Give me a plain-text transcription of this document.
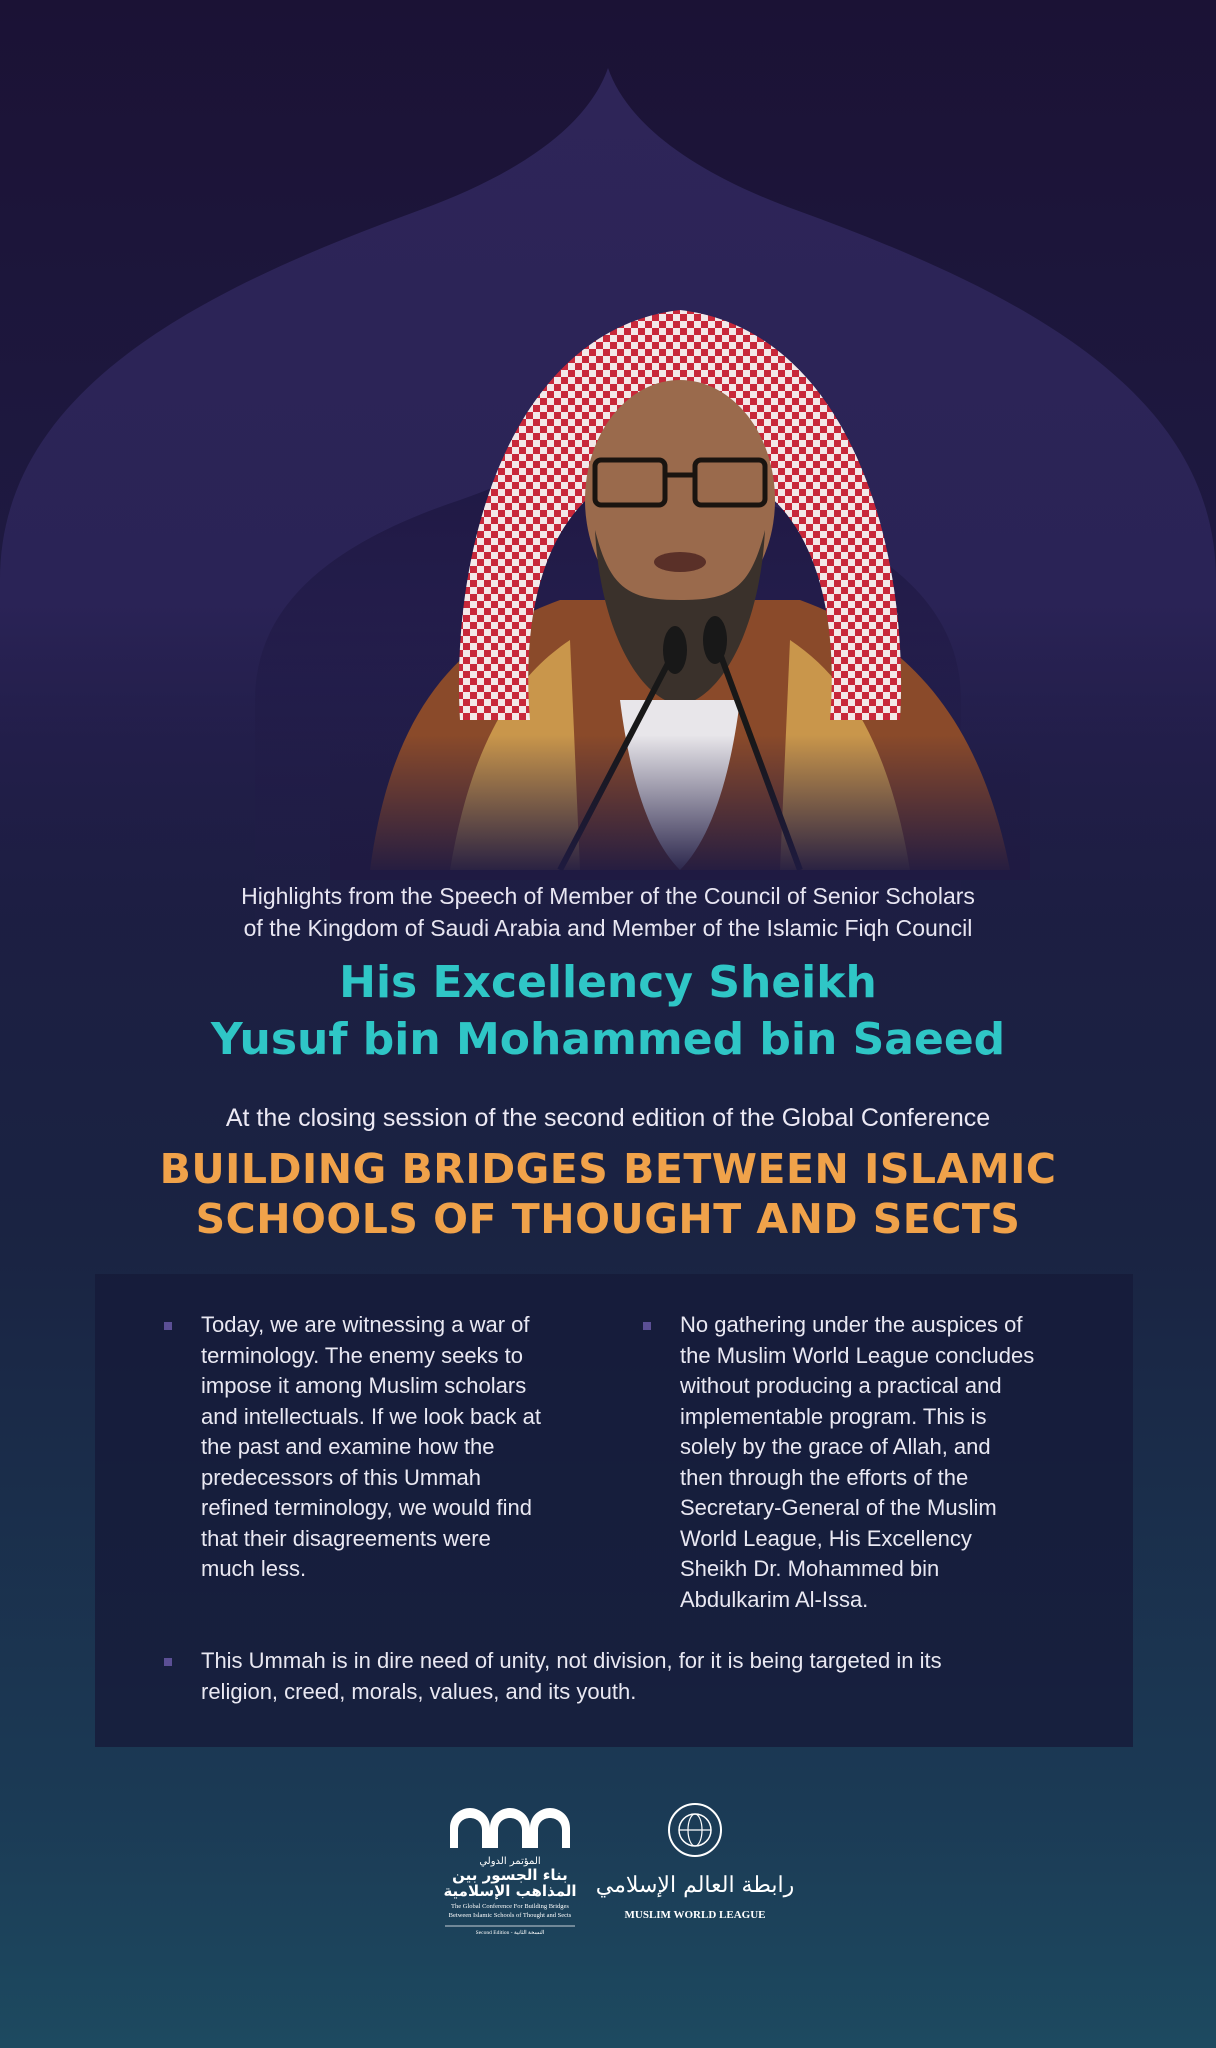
Highlights from the Speech of Member of the Council of Senior Scholars

of the Kingdom of Saudi Arabia and Member of the Islamic Fiqh Council

His Excellency Sheikh
Yusuf bin Mohammed bin Saeed

At the closing session of the second edition of the Global Conference

BUILDING BRIDGES BETWEEN ISLAMIC
SCHOOLS OF THOUGHT AND SECTS

Today, we are witnessing a war of
terminology. The enemy seeks to
impose it among Muslim scholars
and intellectuals. If we look back at
the past and examine how the
predecessors of this Ummah
refined terminology, we would find
that their disagreements were
much less.
No gathering under the auspices of
the Muslim World League concludes
without producing a practical and
implementable program. This is
solely by the grace of Allah, and
then through the efforts of the
Secretary-General of the Muslim
World League, His Excellency
Sheikh Dr. Mohammed bin
Abdulkarim Al-Issa.
This Ummah is in dire need of unity, not division, for it is being targeted in its
religion, creed, morals, values, and its youth.
المؤتمر الدولي
بناء الجسور بين
المذاهب الإسلامية
The Global Conference For Building Bridges
Between Islamic Schools of Thought and Sects
Second Edition - النسخة الثانية
رابطة العالم الإسلامي
MUSLIM WORLD LEAGUE
